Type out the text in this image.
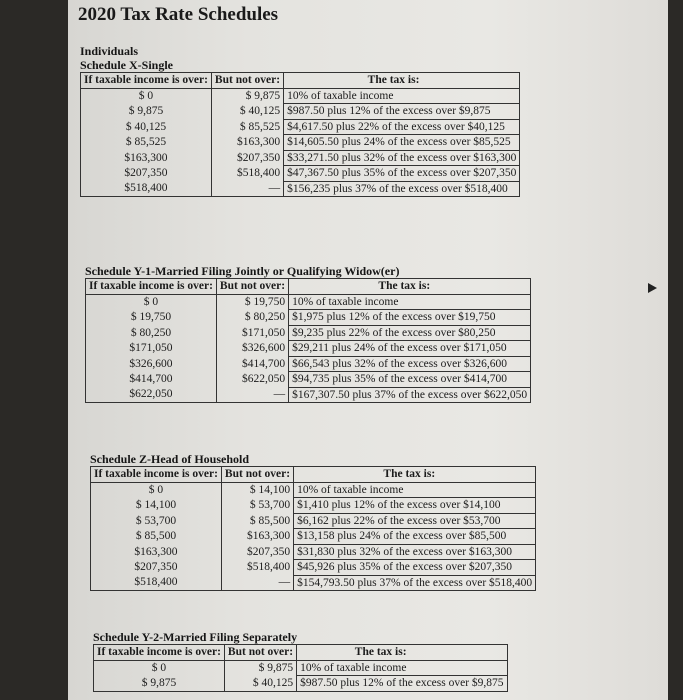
2020 Tax Rate Schedules
Individuals
Schedule X-Single
If taxable income is over:	But not over:	The tax is:
$ 0	$ 9,875	10% of taxable income
$ 9,875	$ 40,125	$987.50 plus 12% of the excess over $9,875
$ 40,125	$ 85,525	$4,617.50 plus 22% of the excess over $40,125
$ 85,525	$163,300	$14,605.50 plus 24% of the excess over $85,525
$163,300	$207,350	$33,271.50 plus 32% of the excess over $163,300
$207,350	$518,400	$47,367.50 plus 35% of the excess over $207,350
$518,400	—	$156,235 plus 37% of the excess over $518,400
Schedule Y-1-Married Filing Jointly or Qualifying Widow(er)
If taxable income is over:	But not over:	The tax is:
$ 0	$ 19,750	10% of taxable income
$ 19,750	$ 80,250	$1,975 plus 12% of the excess over $19,750
$ 80,250	$171,050	$9,235 plus 22% of the excess over $80,250
$171,050	$326,600	$29,211 plus 24% of the excess over $171,050
$326,600	$414,700	$66,543 plus 32% of the excess over $326,600
$414,700	$622,050	$94,735 plus 35% of the excess over $414,700
$622,050	—	$167,307.50 plus 37% of the excess over $622,050
Schedule Z-Head of Household
If taxable income is over:	But not over:	The tax is:
$ 0	$ 14,100	10% of taxable income
$ 14,100	$ 53,700	$1,410 plus 12% of the excess over $14,100
$ 53,700	$ 85,500	$6,162 plus 22% of the excess over $53,700
$ 85,500	$163,300	$13,158 plus 24% of the excess over $85,500
$163,300	$207,350	$31,830 plus 32% of the excess over $163,300
$207,350	$518,400	$45,926 plus 35% of the excess over $207,350
$518,400	—	$154,793.50 plus 37% of the excess over $518,400
Schedule Y-2-Married Filing Separately
If taxable income is over:	But not over:	The tax is:
$ 0	$ 9,875	10% of taxable income
$ 9,875	$ 40,125	$987.50 plus 12% of the excess over $9,875
